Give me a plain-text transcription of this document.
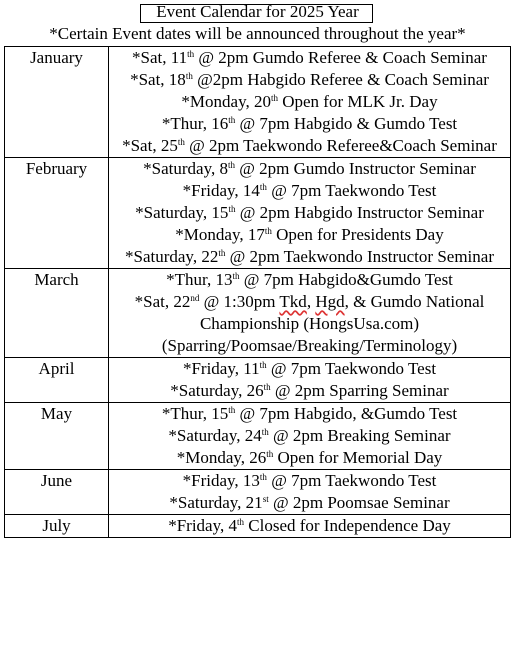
Event Calendar for 2025 Year
*Certain Event dates will be announced throughout the year*
January	*Sat, 11th @ 2pm Gumdo Referee & Coach Seminar
*Sat, 18th @2pm Habgido Referee & Coach Seminar
*Monday, 20th Open for MLK Jr. Day
*Thur, 16th @ 7pm Habgido & Gumdo Test
*Sat, 25th @ 2pm Taekwondo Referee&Coach Seminar

February	*Saturday, 8th @ 2pm Gumdo Instructor Seminar
*Friday, 14th @ 7pm Taekwondo Test
*Saturday, 15th @ 2pm Habgido Instructor Seminar
*Monday, 17th Open for Presidents Day
*Saturday, 22th @ 2pm Taekwondo Instructor Seminar

March	*Thur, 13th @ 7pm Habgido&Gumdo Test
*Sat, 22nd @ 1:30pm Tkd, Hgd, & Gumdo National Championship (HongsUsa.com) (Sparring/Poomsae/Breaking/Terminology)

April	*Friday, 11th @ 7pm Taekwondo Test
*Saturday, 26th @ 2pm Sparring Seminar

May	*Thur, 15th @ 7pm Habgido, &Gumdo Test
*Saturday, 24th @ 2pm Breaking Seminar
*Monday, 26th Open for Memorial Day

June	*Friday, 13th @ 7pm Taekwondo Test
*Saturday, 21st @ 2pm Poomsae Seminar

July	*Friday, 4th Closed for Independence Day
